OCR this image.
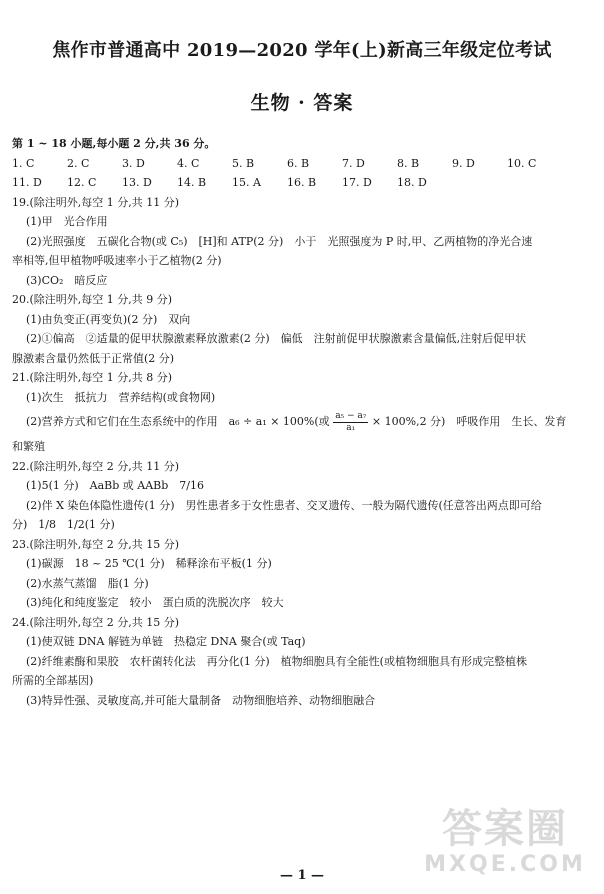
焦作市普通高中 2019—2020 学年(上)新高三年级定位考试
生物 · 答案
第 1 ~ 18 小题,每小题 2 分,共 36 分。
1. C	2. C	3. D	4. C	5. B	6. B	7. D	8. B	9. D	10. C
11. D	12. C	13. D	14. B	15. A	16. B	17. D	18. D
19.(除注明外,每空 1 分,共 11 分)
(1)甲　光合作用
(2)光照强度　五碳化合物(或 C₅)　[H]和 ATP(2 分)　小于　光照强度为 P 时,甲、乙两植物的净光合速
率相等,但甲植物呼吸速率小于乙植物(2 分)
(3)CO₂　暗反应
20.(除注明外,每空 1 分,共 9 分)
(1)由负变正(再变负)(2 分)　双向
(2)①偏高　②适量的促甲状腺激素释放激素(2 分)　偏低　注射前促甲状腺激素含量偏低,注射后促甲状
腺激素含量仍然低于正常值(2 分)
21.(除注明外,每空 1 分,共 8 分)
(1)次生　抵抗力　营养结构(或食物网)
(2)营养方式和它们在生态系统中的作用　a₆ ÷ a₁ × 100%(或 $\frac{\text{a₅ − a₇}}{\text{a₁}} \times 100\%,2$ 分)　呼吸作用　生长、发育
和繁殖
22.(除注明外,每空 2 分,共 11 分)
(1)5(1 分)　AaBb 或 AABb　7/16
(2)伴 X 染色体隐性遗传(1 分)　男性患者多于女性患者、交叉遗传、一般为隔代遗传(任意答出两点即可给
分)　1/8　1/2(1 分)
23.(除注明外,每空 2 分,共 15 分)
(1)碳源　18 ~ 25 ℃(1 分)　稀释涂布平板(1 分)
(2)水蒸气蒸馏　脂(1 分)
(3)纯化和纯度鉴定　较小　蛋白质的洗脱次序　较大
24.(除注明外,每空 2 分,共 15 分)
(1)使双链 DNA 解链为单链　热稳定 DNA 聚合(或 Taq)
(2)纤维素酶和果胶　农杆菌转化法　再分化(1 分)　植物细胞具有全能性(或植物细胞具有形成完整植株
所需的全部基因)
(3)特异性强、灵敏度高,并可能大量制备　动物细胞培养、动物细胞融合
答案圈
MXQE.COM
— 1 —
